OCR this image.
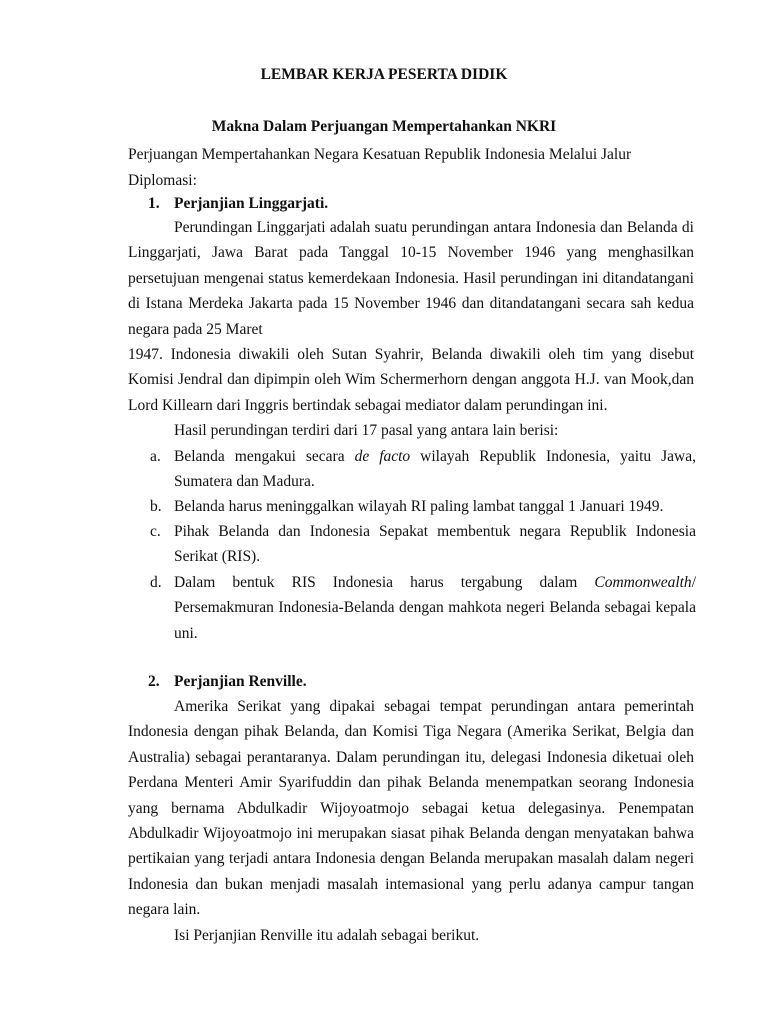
LEMBAR KERJA PESERTA DIDIK
Makna Dalam Perjuangan Mempertahankan NKRI
Perjuangan Mempertahankan Negara Kesatuan Republik Indonesia Melalui Jalur
Diplomasi:
1. Perjanjian Linggarjati.

Perundingan Linggarjati adalah suatu perundingan antara Indonesia dan Belanda di Linggarjati, Jawa Barat pada Tanggal 10-15 November 1946 yang menghasilkan persetujuan mengenai status kemerdekaan Indonesia. Hasil perundingan ini ditandatangani di Istana Merdeka Jakarta pada 15 November 1946 dan ditandatangani secara sah kedua negara pada 25 Maret

1947. Indonesia diwakili oleh Sutan Syahrir, Belanda diwakili oleh tim yang disebut
Komisi Jendral dan dipimpin oleh Wim Schermerhorn dengan anggota H.J. van Mook,dan
Lord Killearn dari Inggris bertindak sebagai mediator dalam perundingan ini.
Hasil perundingan terdiri dari 17 pasal yang antara lain berisi:
a. Belanda mengakui secara de facto wilayah Republik Indonesia, yaitu Jawa,
Sumatera dan Madura.
b. Belanda harus meninggalkan wilayah RI paling lambat tanggal 1 Januari 1949.
c. Pihak Belanda dan Indonesia Sepakat membentuk negara Republik Indonesia Serikat (RIS).
d. Dalam bentuk RIS Indonesia harus tergabung dalam Commonwealth/ Persemakmuran Indonesia-Belanda dengan mahkota negeri Belanda sebagai kepala uni.
2. Perjanjian Renville.

Amerika Serikat yang dipakai sebagai tempat perundingan antara pemerintah Indonesia dengan pihak Belanda, dan Komisi Tiga Negara (Amerika Serikat, Belgia dan Australia) sebagai perantaranya. Dalam perundingan itu, delegasi Indonesia diketuai oleh Perdana Menteri Amir Syarifuddin dan pihak Belanda menempatkan seorang Indonesia yang bernama Abdulkadir Wijoyoatmojo sebagai ketua delegasinya. Penempatan Abdulkadir Wijoyoatmojo ini merupakan siasat pihak Belanda dengan menyatakan bahwa pertikaian yang terjadi antara Indonesia dengan Belanda merupakan masalah dalam negeri Indonesia dan bukan menjadi masalah intemasional yang perlu adanya campur tangan negara lain.

Isi Perjanjian Renville itu adalah sebagai berikut.
